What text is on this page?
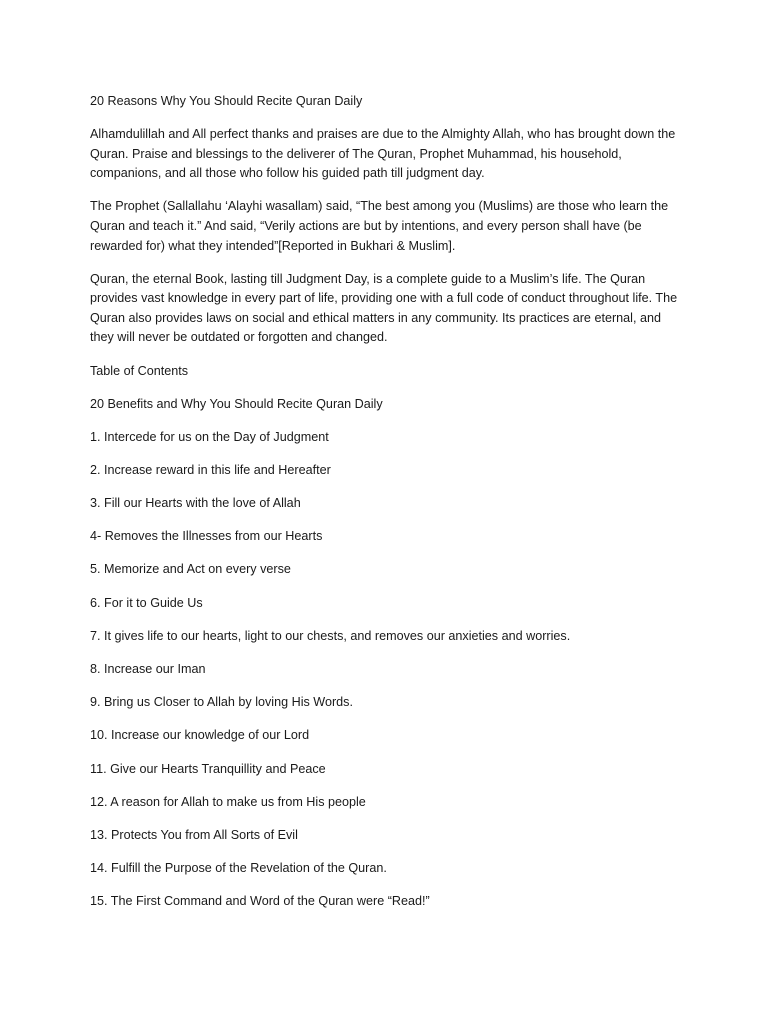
20 Reasons Why You Should Recite Quran Daily

Alhamdulillah and All perfect thanks and praises are due to the Almighty Allah, who has brought down the Quran. Praise and blessings to the deliverer of The Quran, Prophet Muhammad, his household, companions, and all those who follow his guided path till judgment day.

The Prophet (Sallallahu ‘Alayhi wasallam) said, “The best among you (Muslims) are those who learn the Quran and teach it.” And said, “Verily actions are but by intentions, and every person shall have (be rewarded for) what they intended”[Reported in Bukhari & Muslim].

Quran, the eternal Book, lasting till Judgment Day, is a complete guide to a Muslim’s life. The Quran provides vast knowledge in every part of life, providing one with a full code of conduct throughout life. The Quran also provides laws on social and ethical matters in any community. Its practices are eternal, and they will never be outdated or forgotten and changed.

Table of Contents

20 Benefits and Why You Should Recite Quran Daily

1. Intercede for us on the Day of Judgment

2. Increase reward in this life and Hereafter

3. Fill our Hearts with the love of Allah

4- Removes the Illnesses from our Hearts

5. Memorize and Act on every verse

6. For it to Guide Us

7. It gives life to our hearts, light to our chests, and removes our anxieties and worries.

8. Increase our Iman

9. Bring us Closer to Allah by loving His Words.

10. Increase our knowledge of our Lord

11. Give our Hearts Tranquillity and Peace

12. A reason for Allah to make us from His people

13. Protects You from All Sorts of Evil

14. Fulfill the Purpose of the Revelation of the Quran.

15. The First Command and Word of the Quran were “Read!”
